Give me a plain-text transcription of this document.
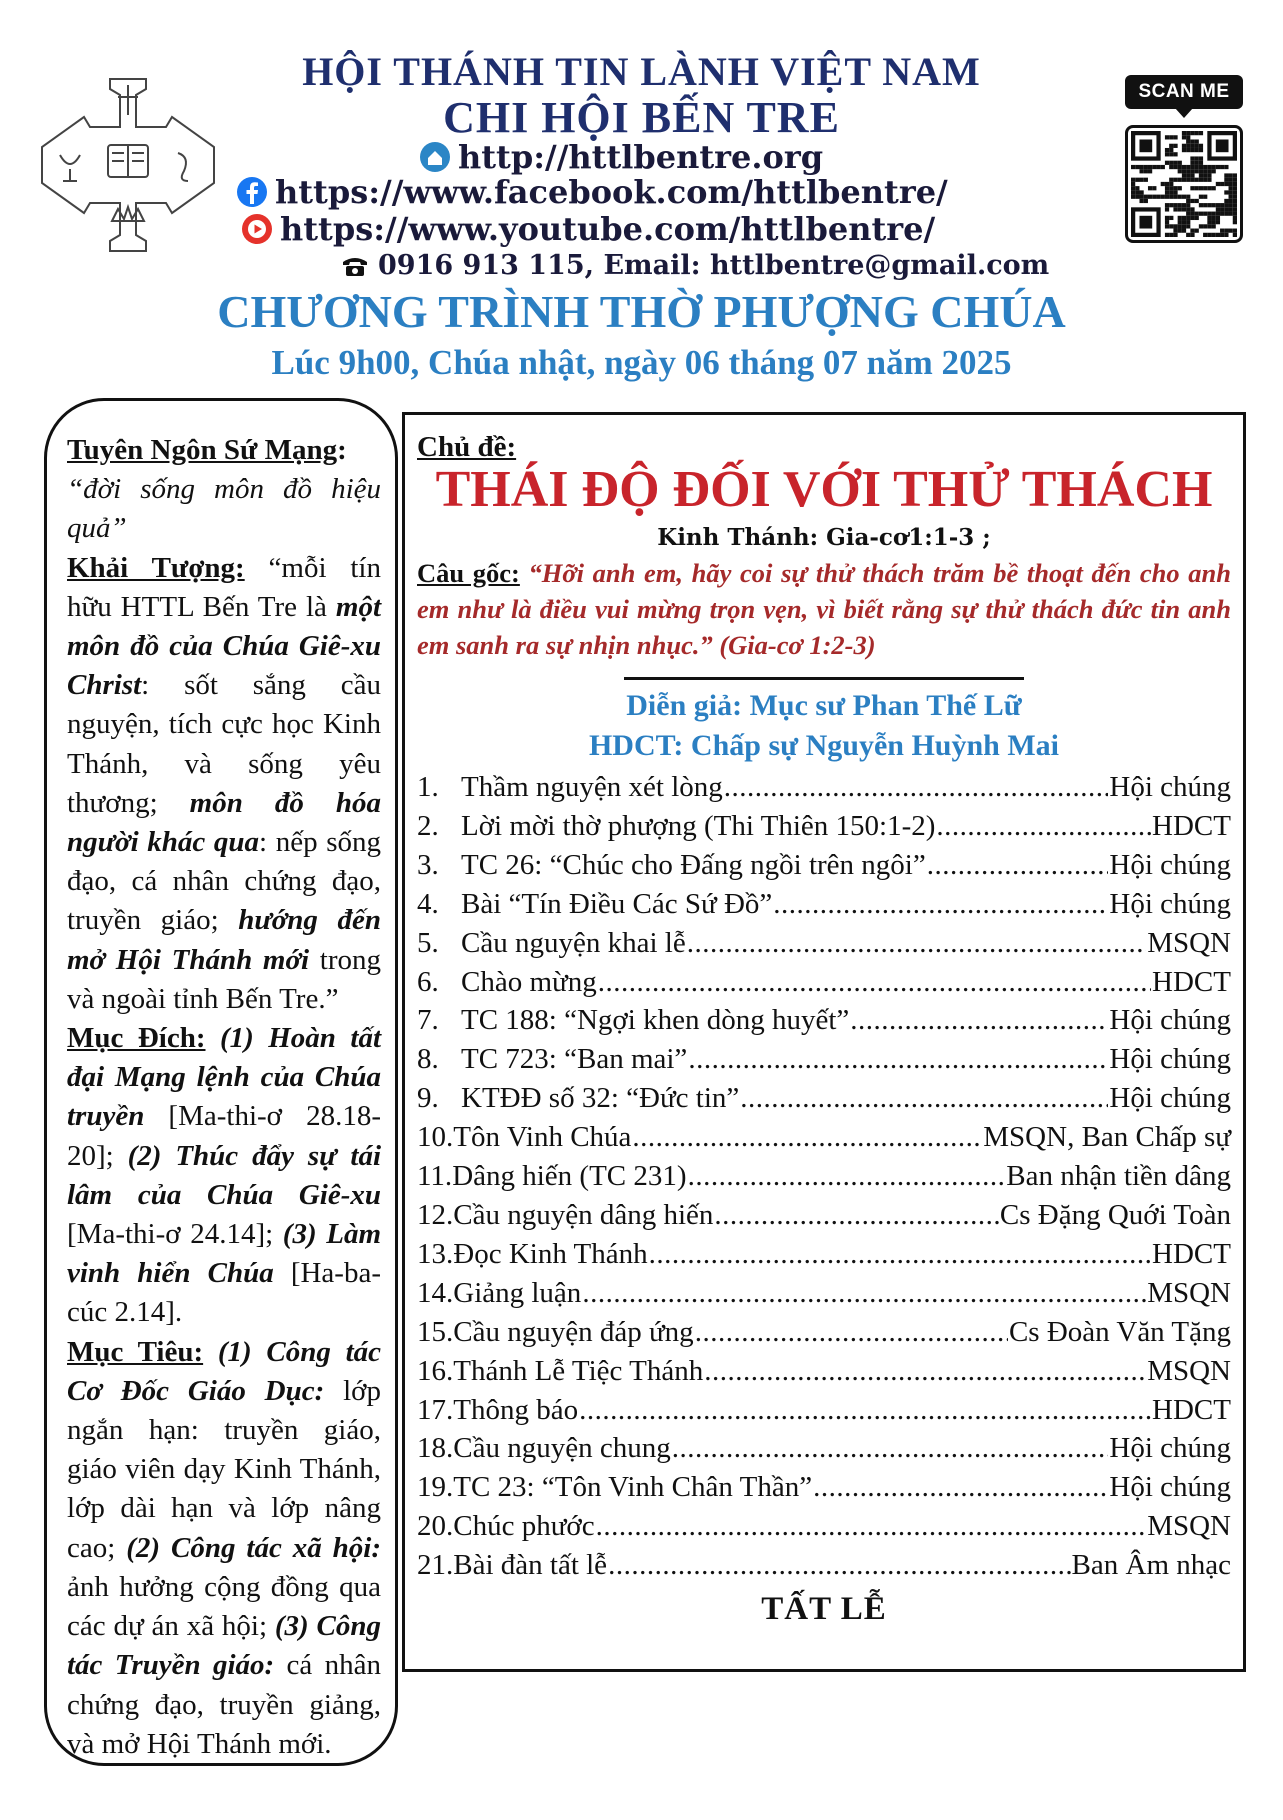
HỘI THÁNH TIN LÀNH VIỆT NAM
CHI HỘI BẾN TRE
http://httlbentre.org
https://www.facebook.com/httlbentre/
https://www.youtube.com/httlbentre/
0916 913 115, Email: httlbentre@gmail.com
CHƯƠNG TRÌNH THỜ PHƯỢNG CHÚA
Lúc 9h00, Chúa nhật, ngày 06 tháng 07 năm 2025
SCAN ME
Tuyên Ngôn Sứ Mạng:
“đời sống môn đồ hiệu quả”
Khải Tượng: “mỗi tín hữu HTTL Bến Tre là một môn đồ của Chúa Giê-xu Christ: sốt sắng cầu nguyện, tích cực học Kinh Thánh, và sống yêu thương; môn đồ hóa người khác qua: nếp sống đạo, cá nhân chứng đạo, truyền giáo; hướng đến mở Hội Thánh mới trong và ngoài tỉnh Bến Tre.”
Mục Đích: (1) Hoàn tất đại Mạng lệnh của Chúa truyền [Ma-thi-ơ 28.18-20]; (2) Thúc đẩy sự tái lâm của Chúa Giê-xu [Ma-thi-ơ 24.14]; (3) Làm vinh hiển Chúa [Ha-ba-cúc 2.14].
Mục Tiêu: (1) Công tác Cơ Đốc Giáo Dục: lớp ngắn hạn: truyền giáo, giáo viên dạy Kinh Thánh, lớp dài hạn và lớp nâng cao; (2) Công tác xã hội: ảnh hưởng cộng đồng qua các dự án xã hội; (3) Công tác Truyền giáo: cá nhân chứng đạo, truyền giảng, và mở Hội Thánh mới.
Chủ đề:
THÁI ĐỘ ĐỐI VỚI THỬ THÁCH
Kinh Thánh: Gia-cơ1:1-3 ;
Câu gốc: “Hỡi anh em, hãy coi sự thử thách trăm bề thoạt đến cho anh em như là điều vui mừng trọn vẹn, vì biết rằng sự thử thách đức tin anh em sanh ra sự nhịn nhục.” (Gia-cơ 1:2-3)
Diễn giả: Mục sư Phan Thế Lữ
HDCT: Chấp sự Nguyễn Huỳnh Mai
1. Thầm nguyện xét lòng .....	Hội chúng
2. Lời mời thờ phượng (Thi Thiên 150:1-2) .....	HDCT
3. TC 26: “Chúc cho Đấng ngồi trên ngôi” .....	Hội chúng
4. Bài “Tín Điều Các Sứ Đồ” .....	Hội chúng
5. Cầu nguyện khai lễ .....	MSQN
6. Chào mừng .....	HDCT
7. TC 188: “Ngợi khen dòng huyết” .....	Hội chúng
8. TC 723: “Ban mai” .....	Hội chúng
9. KTĐĐ số 32: “Đức tin” .....	Hội chúng
10. Tôn Vinh Chúa .....	MSQN, Ban Chấp sự
11. Dâng hiến (TC 231) .....	Ban nhận tiền dâng
12. Cầu nguyện dâng hiến .....	Cs Đặng Quới Toàn
13. Đọc Kinh Thánh .....	HDCT
14. Giảng luận .....	MSQN
15. Cầu nguyện đáp ứng .....	Cs Đoàn Văn Tặng
16. Thánh Lễ Tiệc Thánh .....	MSQN
17. Thông báo .....	HDCT
18. Cầu nguyện chung .....	Hội chúng
19. TC 23: “Tôn Vinh Chân Thần” .....	Hội chúng
20. Chúc phước .....	MSQN
21. Bài đàn tất lễ .....	Ban Âm nhạc
TẤT LỄ
